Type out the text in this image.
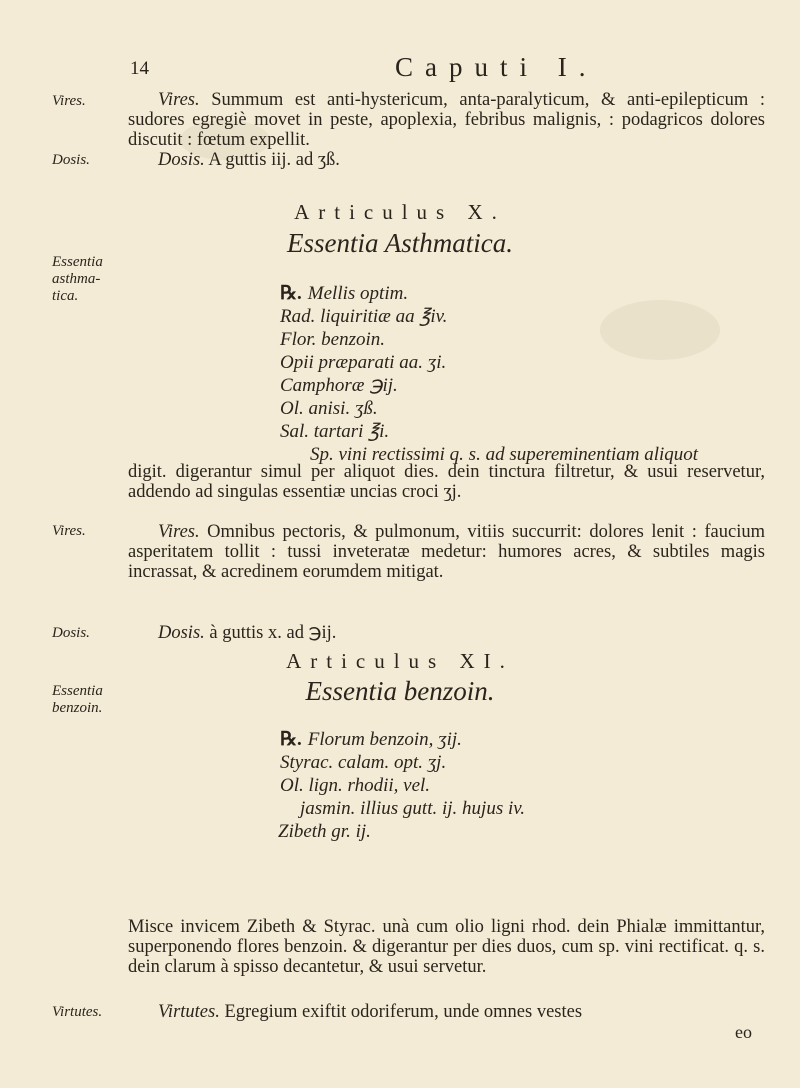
14	Caputi I.
Vires.
Dosis.
Essentia asthma-tica.
Vires.
Dosis.
Essentia benzoin.
Virtutes.

Vires. Summum est anti-hystericum, anta-paralyticum, & anti-epilepticum : sudores egregiè movet in peste, apoplexia, febribus malignis, : podagricos dolores discutit : fœtum expellit.

Dosis. A guttis iij. ad ʒß.

Articulus X.
Essentia Asthmatica.
℞. Mellis optim.
Rad. liquiritiæ aa ℥iv.
Flor. benzoin.
Opii præparati aa. ʒi.
Camphoræ ℈ij.
Ol. anisi. ʒß.
Sal. tartari ℥i.
Sp. vini rectissimi q. s. ad supereminentiam aliquot

digit. digerantur simul per aliquot dies. dein tinctura filtretur, & usui reservetur, addendo ad singulas essentiæ uncias croci ʒj.

Vires. Omnibus pectoris, & pulmonum, vitiis succurrit: dolores lenit : faucium asperitatem tollit : tussi inveteratæ medetur: humores acres, & subtiles magis incrassat, & acredinem eorumdem mitigat.

Dosis. à guttis x. ad ℈ij.

Articulus XI.
Essentia benzoin.
℞. Florum benzoin, ʒij.
Styrac. calam. opt. ʒj.
Ol. lign. rhodii, vel.
jasmin. illius gutt. ij. hujus iv.
Zibeth gr. ij.

Misce invicem Zibeth & Styrac. unà cum olio ligni rhod. dein Phialæ immittantur, superponendo flores benzoin. & digerantur per dies duos, cum sp. vini rectificat. q. s. dein clarum à spisso decantetur, & usui servetur.

Virtutes. Egregium exiftit odoriferum, unde omnes vestes

eo
